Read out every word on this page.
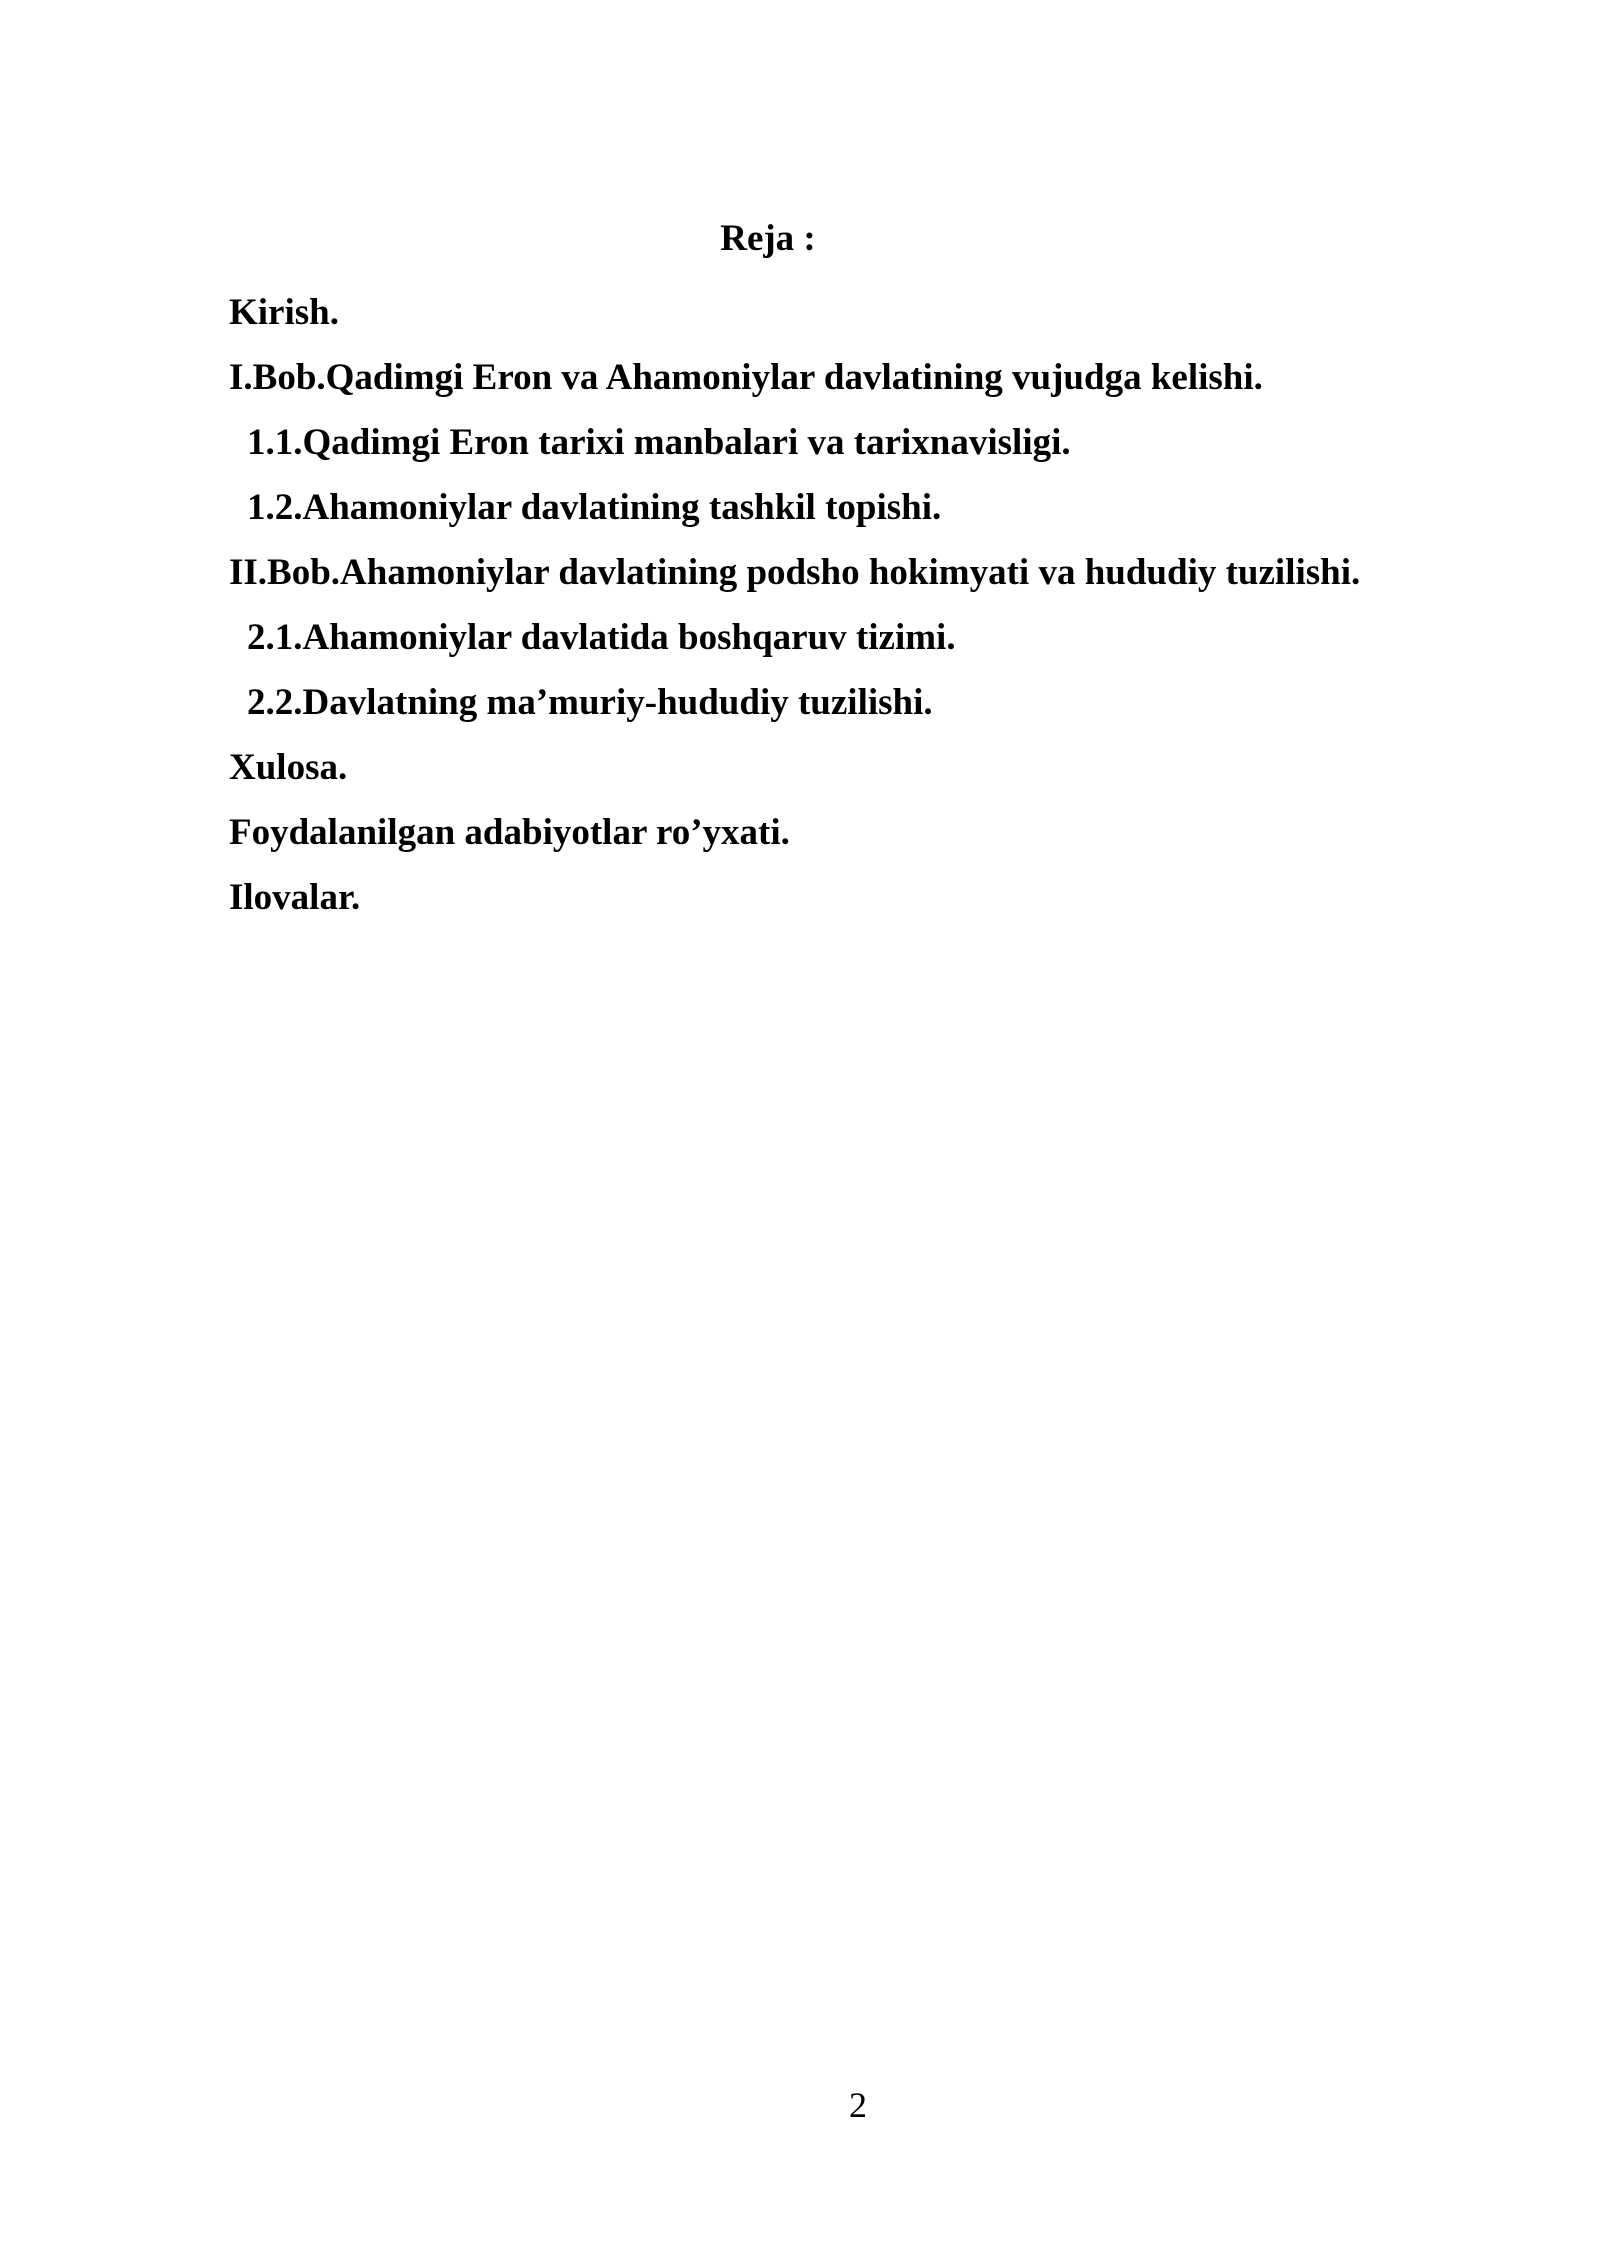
Reja :
Kirish.
I.Bob.Qadimgi Eron va Ahamoniylar davlatining vujudga kelishi.
1.1.Qadimgi Eron tarixi manbalari va tarixnavisligi.
1.2.Ahamoniylar davlatining tashkil topishi.
II.Bob.Ahamoniylar davlatining podsho hokimyati va hududiy tuzilishi.
2.1.Ahamoniylar davlatida boshqaruv tizimi.
2.2.Davlatning ma’muriy-hududiy tuzilishi.
Xulosa.
Foydalanilgan adabiyotlar ro’yxati.
Ilovalar.
2
